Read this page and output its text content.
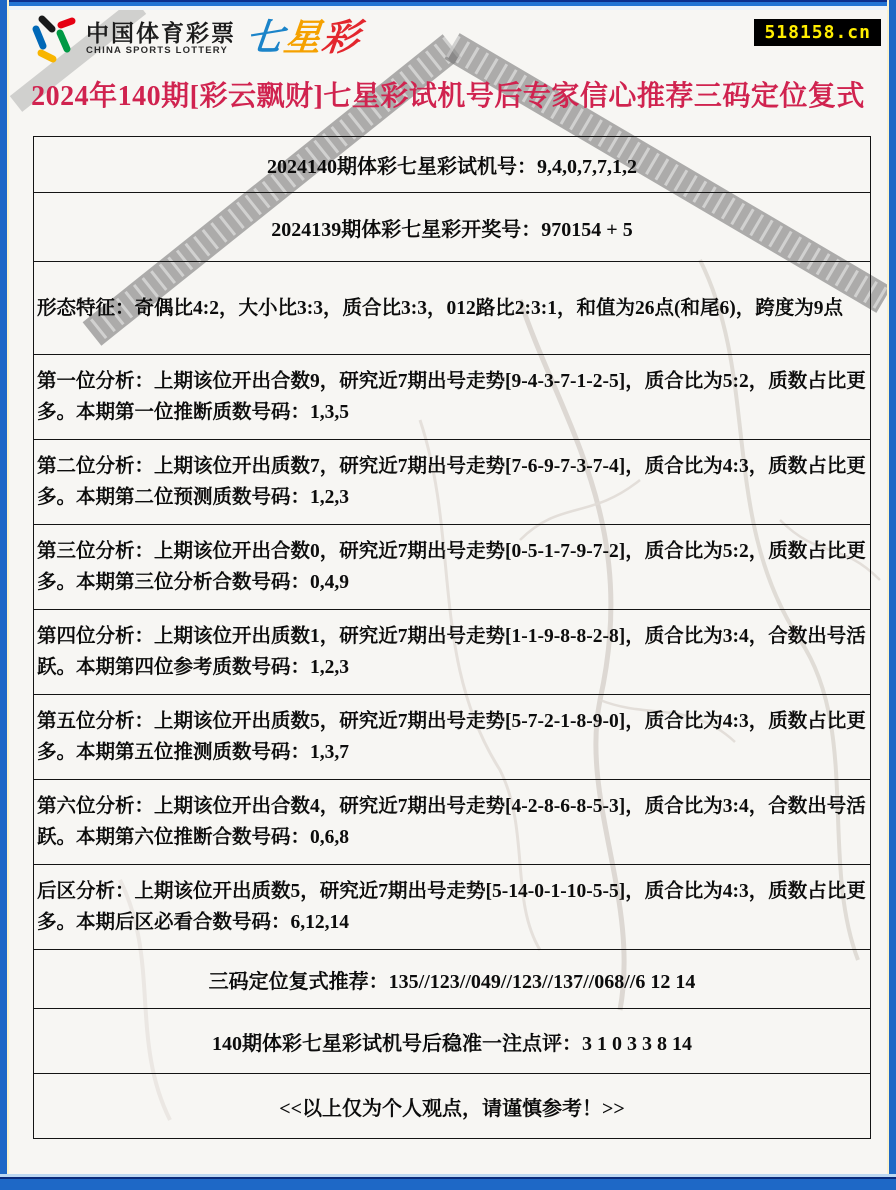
中国体育彩票
CHINA SPORTS LOTTERY 七星彩	518158.cn
2024年140期[彩云飘财]七星彩试机号后专家信心推荐三码定位复式
2024140期体彩七星彩试机号：9,4,0,7,7,1,2
2024139期体彩七星彩开奖号：970154 + 5
形态特征：奇偶比4:2，大小比3:3，质合比3:3，012路比2:3:1，和值为26点(和尾6)，跨度为9点
第一位分析：上期该位开出合数9，研究近7期出号走势[9-4-3-7-1-2-5]，质合比为5:2，质数占比更多。本期第一位推断质数号码：1,3,5
第二位分析：上期该位开出质数7，研究近7期出号走势[7-6-9-7-3-7-4]，质合比为4:3，质数占比更多。本期第二位预测质数号码：1,2,3
第三位分析：上期该位开出合数0，研究近7期出号走势[0-5-1-7-9-7-2]，质合比为5:2，质数占比更多。本期第三位分析合数号码：0,4,9
第四位分析：上期该位开出质数1，研究近7期出号走势[1-1-9-8-8-2-8]，质合比为3:4，合数出号活跃。本期第四位参考质数号码：1,2,3
第五位分析：上期该位开出质数5，研究近7期出号走势[5-7-2-1-8-9-0]，质合比为4:3，质数占比更多。本期第五位推测质数号码：1,3,7
第六位分析：上期该位开出合数4，研究近7期出号走势[4-2-8-6-8-5-3]，质合比为3:4，合数出号活跃。本期第六位推断合数号码：0,6,8
后区分析：上期该位开出质数5，研究近7期出号走势[5-14-0-1-10-5-5]，质合比为4:3，质数占比更多。本期后区必看合数号码：6,12,14
三码定位复式推荐：135//123//049//123//137//068//6 12 14
140期体彩七星彩试机号后稳准一注点评：3 1 0 3 3 8 14
<<以上仅为个人观点，请谨慎参考！>>
